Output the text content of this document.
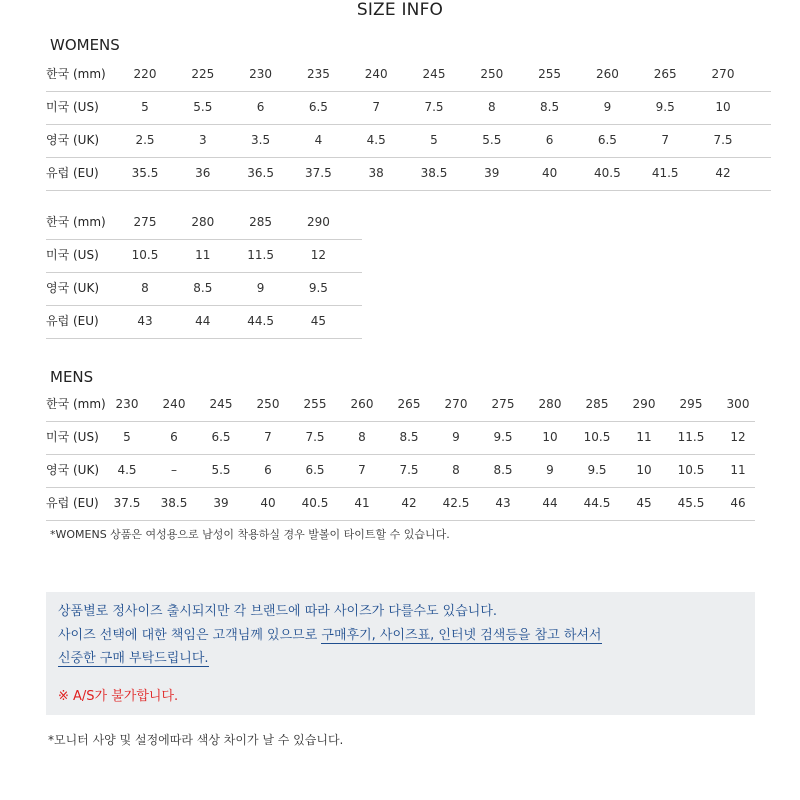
SIZE INFO
WOMENS
한국 (mm)	220	225	230	235	240	245	250	255	260	265	270
미국 (US)	5	5.5	6	6.5	7	7.5	8	8.5	9	9.5	10
영국 (UK)	2.5	3	3.5	4	4.5	5	5.5	6	6.5	7	7.5
유럽 (EU)	35.5	36	36.5	37.5	38	38.5	39	40	40.5	41.5	42
한국 (mm)	275	280	285	290
미국 (US)	10.5	11	11.5	12
영국 (UK)	8	8.5	9	9.5
유럽 (EU)	43	44	44.5	45
MENS
한국 (mm) 230	240	245	250	255	260	265	270	275	280	285	290	295	300
미국 (US)	5	6	6.5	7	7.5	8	8.5	9	9.5	10	10.5	11	11.5	12
영국 (UK)	4.5	–	5.5	6	6.5	7	7.5	8	8.5	9	9.5	10	10.5	11
유럽 (EU)	37.5	38.5	39	40	40.5	41	42	42.5	43	44	44.5	45	45.5	46
*WOMENS 상품은 여성용으로 남성이 착용하실 경우 발볼이 타이트할 수 있습니다.
상품별로 정사이즈 출시되지만 각 브랜드에 따라 사이즈가 다를수도 있습니다.
사이즈 선택에 대한 책임은 고객님께 있으므로 구매후기, 사이즈표, 인터넷 검색등을 참고 하셔서
신중한 구매 부탁드립니다.
※ A/S가 불가합니다.
*모니터 사양 및 설정에따라 색상 차이가 날 수 있습니다.
